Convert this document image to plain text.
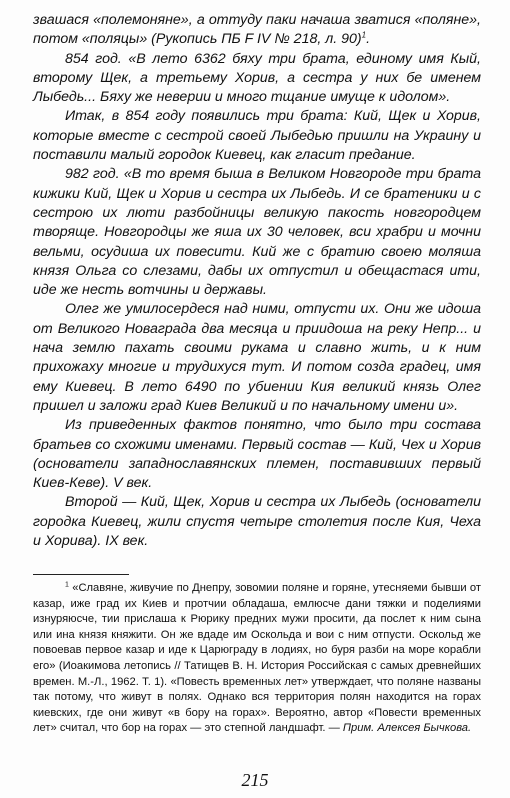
звашася «полемоняне», а оттуду паки начаша зватися «поляне», потом «поляцы» (Рукопись ПБ F IV № 218, л. 90)$^1$.

854 год. «В лето 6362 бяху три брата, единому имя Кый, второму Щек, а третьему Хорив, а сестра у них бе именем Лыбедь... Бяху же неверии и много тщание имуще к идолом».

Итак, в 854 году появились три брата: Кий, Щек и Хорив, которые вместе с сестрой своей Лыбедью пришли на Украину и поставили малый городок Киевец, как гласит предание.

982 год. «В то время быша в Великом Новгороде три брата кижики Кий, Щек и Хорив и сестра их Лыбедь. И се братеники и с сестрою их люти разбойницы великую пакость новгородцем творяще. Новгородцы же яша их 30 человек, вси храбри и мочни вельми, осудиша их повесити. Кий же с братию своею моляша князя Ольга со слезами, дабы их отпустил и обещастася ити, иде же несть вотчины и державы.

Олег же умилосердеся над ними, отпусти их. Они же идоша от Великого Новаграда два месяца и приидоша на реку Непр... и нача землю пахать своими рукама и славно жить, и к ним прихожаху многие и трудихуся тут. И потом созда градец, имя ему Киевец. В лето 6490 по убиении Кия великий князь Олег пришел и заложи град Киев Великий и по начальному имени и».

Из приведенных фактов понятно, что было три состава братьев со схожими именами. Первый состав — Кий, Чех и Хорив (основатели западнославянских племен, поставивших первый Киев-Кеве). V век.

Второй — Кий, Щек, Хорив и сестра их Лыбедь (основатели городка Киевец, жили спустя четыре столетия после Кия, Чеха и Хорива). IX век.

$^1$ «Славяне, живучие по Днепру, зовомии поляне и горяне, утесняеми бывши от казар, иже град их Киев и протчии обладаша, емлюсче дани тяжки и поделиями изнуряюсче, тии прислаша к Рюрику предних мужи просити, да послет к ним сына или ина князя княжити. Он же вдаде им Оскольда и вои с ним отпусти. Оскольд же повоевав первое казар и иде к Царюграду в лодиях, но буря разби на море корабли его» (Иоакимова летопись // Татищев В. Н. История Российская с самых древнейших времен. М.-Л., 1962. Т. 1). «Повесть временных лет» утверждает, что поляне названы так потому, что живут в полях. Однако вся территория полян находится на горах киевских, где они живут «в бору на горах». Вероятно, автор «Повести временных лет» считал, что бор на горах — это степной ландшафт. — Прим. Алексея Бычкова.

215
